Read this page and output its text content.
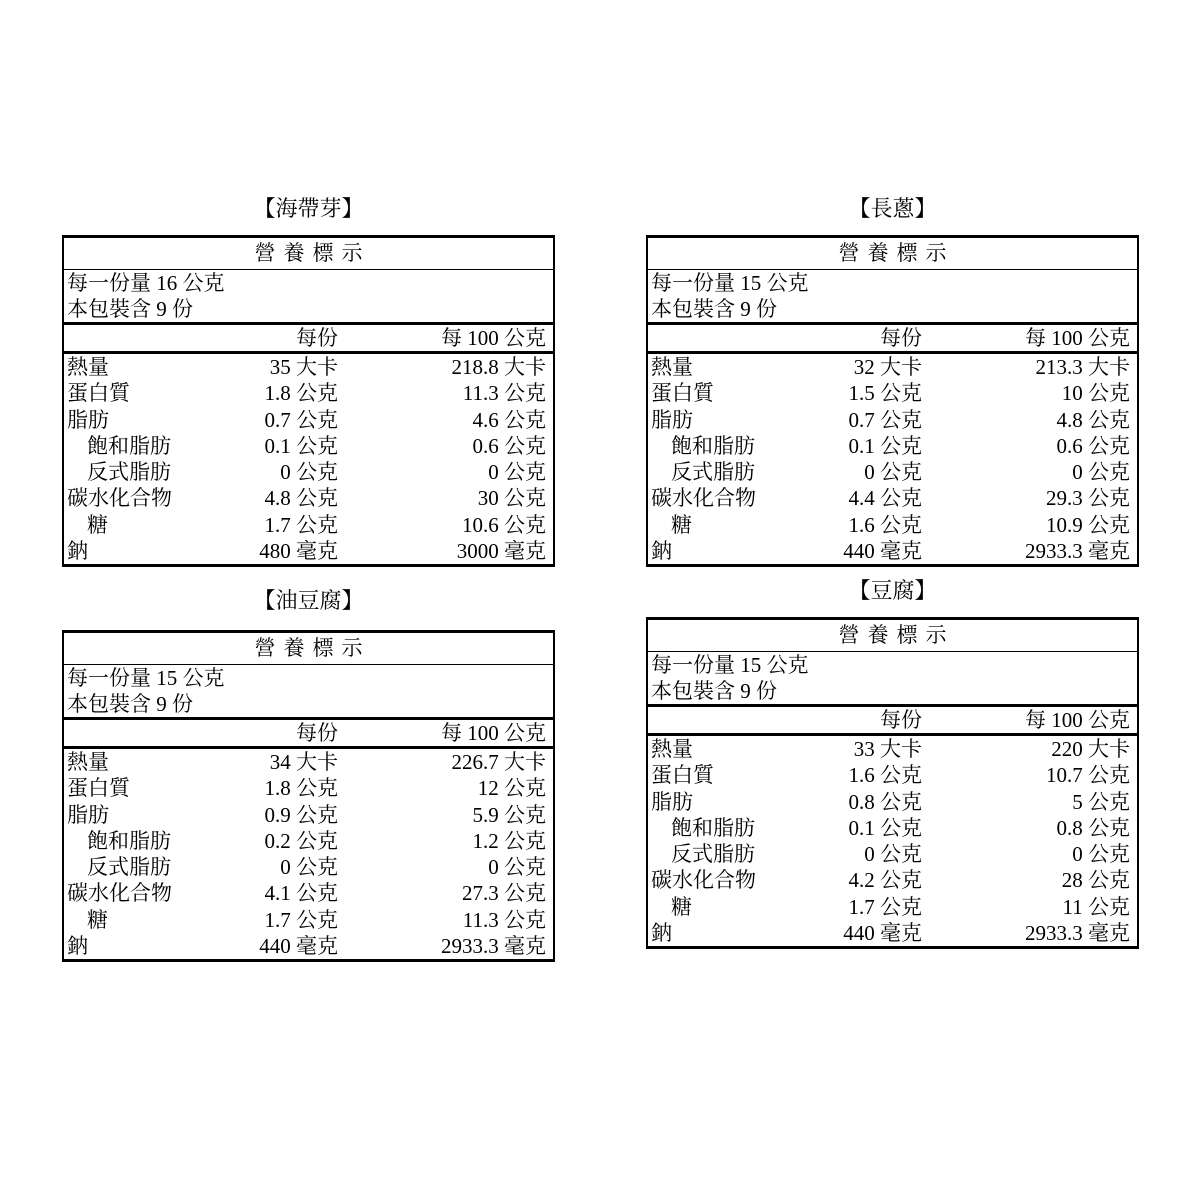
【海帶芽】
營養標示
每一份量 16 公克
本包裝含 9 份
每份	每 100 公克
熱量	35 大卡	218.8 大卡
蛋白質	1.8 公克	11.3 公克
脂肪	0.7 公克	4.6 公克
飽和脂肪	0.1 公克	0.6 公克
反式脂肪	0 公克	0 公克
碳水化合物	4.8 公克	30 公克
糖	1.7 公克	10.6 公克
鈉	480 毫克	3000 毫克
【長蔥】
營養標示
每一份量 15 公克
本包裝含 9 份
每份	每 100 公克
熱量	32 大卡	213.3 大卡
蛋白質	1.5 公克	10 公克
脂肪	0.7 公克	4.8 公克
飽和脂肪	0.1 公克	0.6 公克
反式脂肪	0 公克	0 公克
碳水化合物	4.4 公克	29.3 公克
糖	1.6 公克	10.9 公克
鈉	440 毫克	2933.3 毫克
【油豆腐】
營養標示
每一份量 15 公克
本包裝含 9 份
每份	每 100 公克
熱量	34 大卡	226.7 大卡
蛋白質	1.8 公克	12 公克
脂肪	0.9 公克	5.9 公克
飽和脂肪	0.2 公克	1.2 公克
反式脂肪	0 公克	0 公克
碳水化合物	4.1 公克	27.3 公克
糖	1.7 公克	11.3 公克
鈉	440 毫克	2933.3 毫克
【豆腐】
營養標示
每一份量 15 公克
本包裝含 9 份
每份	每 100 公克
熱量	33 大卡	220 大卡
蛋白質	1.6 公克	10.7 公克
脂肪	0.8 公克	5 公克
飽和脂肪	0.1 公克	0.8 公克
反式脂肪	0 公克	0 公克
碳水化合物	4.2 公克	28 公克
糖	1.7 公克	11 公克
鈉	440 毫克	2933.3 毫克
